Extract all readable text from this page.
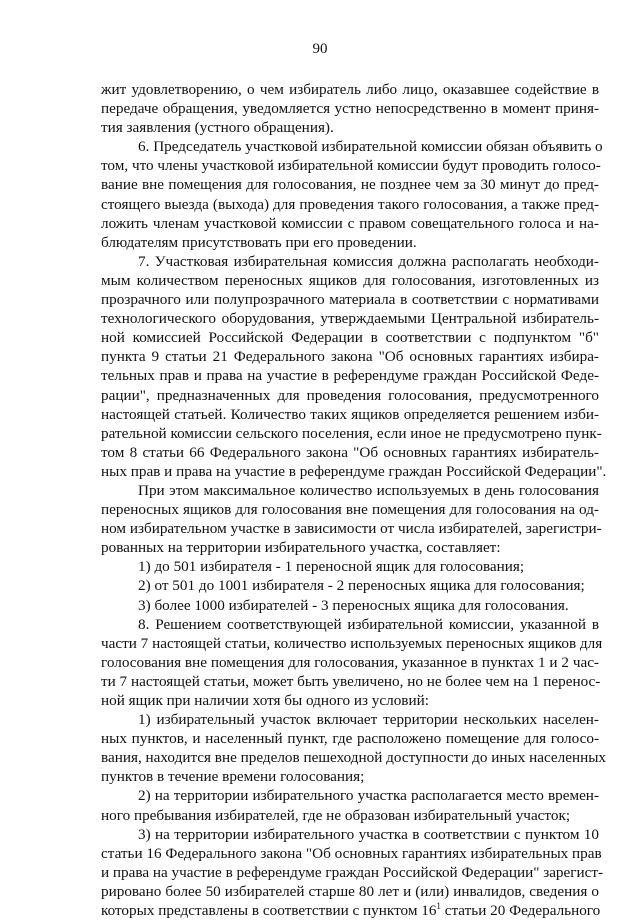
90
жит удовлетворению, о чем избиратель либо лицо, оказавшее содействие в
передаче обращения, уведомляется устно непосредственно в момент приня-
тия заявления (устного обращения).
6. Председатель участковой избирательной комиссии обязан объявить о
том, что члены участковой избирательной комиссии будут проводить голосо-
вание вне помещения для голосования, не позднее чем за 30 минут до пред-
стоящего выезда (выхода) для проведения такого голосования, а также пред-
ложить членам участковой комиссии с правом совещательного голоса и на-
блюдателям присутствовать при его проведении.
7. Участковая избирательная комиссия должна располагать необходи-
мым количеством переносных ящиков для голосования, изготовленных из
прозрачного или полупрозрачного материала в соответствии с нормативами
технологического оборудования, утверждаемыми Центральной избиратель-
ной комиссией Российской Федерации в соответствии с подпунктом "б"
пункта 9 статьи 21 Федерального закона "Об основных гарантиях избира-
тельных прав и права на участие в референдуме граждан Российской Феде-
рации", предназначенных для проведения голосования, предусмотренного
настоящей статьей. Количество таких ящиков определяется решением изби-
рательной комиссии сельского поселения, если иное не предусмотрено пунк-
том 8 статьи 66 Федерального закона "Об основных гарантиях избиратель-
ных прав и права на участие в референдуме граждан Российской Федерации".
При этом максимальное количество используемых в день голосования
переносных ящиков для голосования вне помещения для голосования на од-
ном избирательном участке в зависимости от числа избирателей, зарегистри-
рованных на территории избирательного участка, составляет:
1) до 501 избирателя - 1 переносной ящик для голосования;
2) от 501 до 1001 избирателя - 2 переносных ящика для голосования;
3) более 1000 избирателей - 3 переносных ящика для голосования.
8. Решением соответствующей избирательной комиссии, указанной в
части 7 настоящей статьи, количество используемых переносных ящиков для
голосования вне помещения для голосования, указанное в пунктах 1 и 2 час-
ти 7 настоящей статьи, может быть увеличено, но не более чем на 1 перенос-
ной ящик при наличии хотя бы одного из условий:
1) избирательный участок включает территории нескольких населен-
ных пунктов, и населенный пункт, где расположено помещение для голосо-
вания, находится вне пределов пешеходной доступности до иных населенных
пунктов в течение времени голосования;
2) на территории избирательного участка располагается место времен-
ного пребывания избирателей, где не образован избирательный участок;
3) на территории избирательного участка в соответствии с пунктом 10
статьи 16 Федерального закона "Об основных гарантиях избирательных прав
и права на участие в референдуме граждан Российской Федерации" зарегист-
рировано более 50 избирателей старше 80 лет и (или) инвалидов, сведения о
которых представлены в соответствии с пунктом $16^1$ статьи 20 Федерального
